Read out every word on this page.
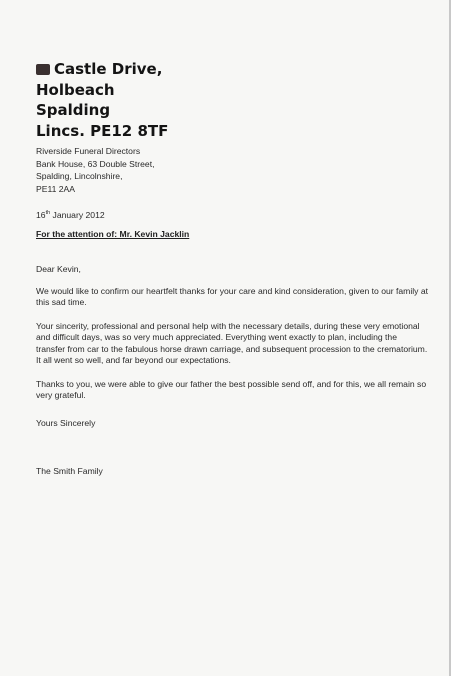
Castle Drive,
Holbeach
Spalding
Lincs. PE12 8TF
Riverside Funeral Directors
Bank House, 63 Double Street,
Spalding, Lincolnshire,
PE11 2AA
16th January 2012
For the attention of: Mr. Kevin Jacklin

Dear Kevin,

We would like to confirm our heartfelt thanks for your care and kind consideration, given to our family at this sad time.

Your sincerity, professional and personal help with the necessary details, during these very emotional and difficult days, was so very much appreciated. Everything went exactly to plan, including the transfer from car to the fabulous horse drawn carriage, and subsequent procession to the crematorium. It all went so well, and far beyond our expectations.

Thanks to you, we were able to give our father the best possible send off, and for this, we all remain so very grateful.

Yours Sincerely
The Smith Family
